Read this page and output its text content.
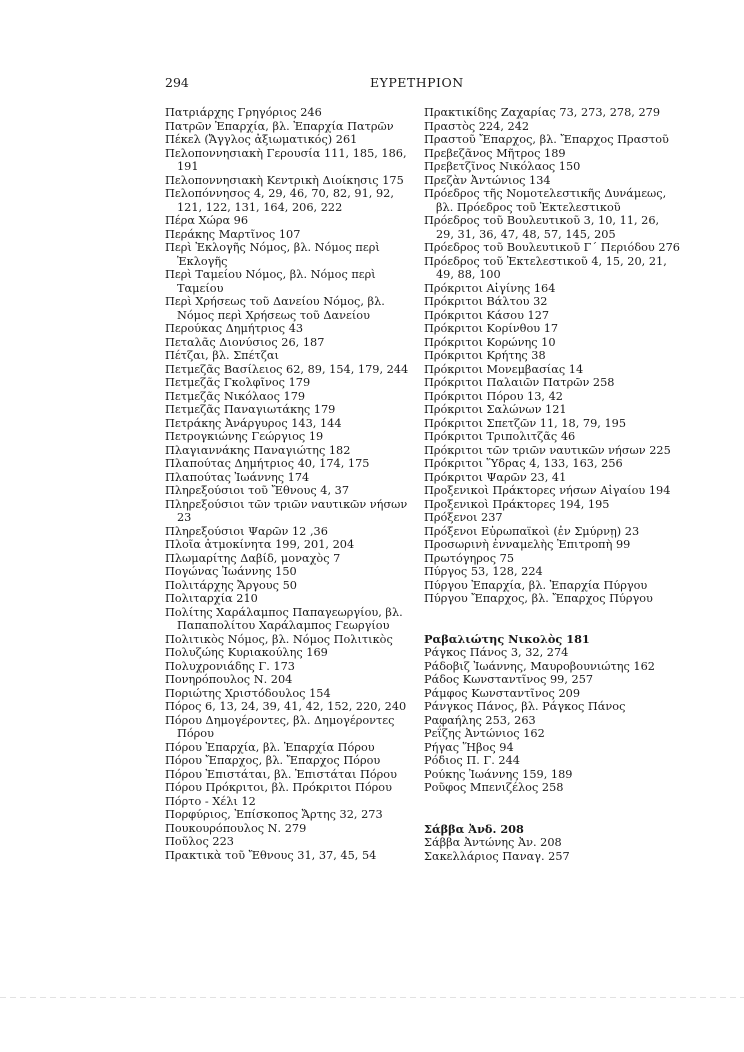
294	ΕΥΡΕΤΗΡΙΟΝ
Πατριάρχης Γρηγόριος 246
Πατρῶν Ἐπαρχία, βλ. Ἐπαρχία Πατρῶν
Πέκελ (Ἄγγλος ἀξιωματικός) 261
Πελοποννησιακὴ Γερουσία 111, 185, 186, 191
Πελοποννησιακὴ Κεντρικὴ Διοίκησις 175
Πελοπόννησος 4, 29, 46, 70, 82, 91, 92, 121, 122, 131, 164, 206, 222
Πέρα Χώρα 96
Περάκης Μαρτῖνος 107
Περὶ Ἐκλογῆς Νόμος, βλ. Νόμος περὶ Ἐκλογῆς
Περὶ Ταμείου Νόμος, βλ. Νόμος περὶ Ταμείου
Περὶ Χρήσεως τοῦ Δανείου Νόμος, βλ. Νόμος περὶ Χρήσεως τοῦ Δανείου
Περούκας Δημήτριος 43
Πεταλᾶς Διονύσιος 26, 187
Πέτζαι, βλ. Σπέτζαι
Πετμεζᾶς Βασίλειος 62, 89, 154, 179, 244
Πετμεζᾶς Γκολφῖνος 179
Πετμεζᾶς Νικόλαος 179
Πετμεζᾶς Παναγιωτάκης 179
Πετράκης Ἀνάργυρος 143, 144
Πετρογκιώνης Γεώργιος 19
Πλαγιαννάκης Παναγιώτης 182
Πλαπούτας Δημήτριος 40, 174, 175
Πλαπούτας Ἰωάννης 174
Πληρεξούσιοι τοῦ Ἔθνους 4, 37
Πληρεξούσιοι τῶν τριῶν ναυτικῶν νήσων 23
Πληρεξούσιοι Ψαρῶν 12 ,36
Πλοῖα ἀτμοκίνητα 199, 201, 204
Πλωμαρίτης Δαβίδ, μοναχὸς 7
Πογώνας Ἰωάννης 150
Πολιτάρχης Ἄργους 50
Πολιταρχία 210
Πολίτης Χαράλαμπος Παπαγεωργίου, βλ. Παπαπολίτου Χαράλαμπος Γεωργίου
Πολιτικὸς Νόμος, βλ. Νόμος Πολιτικὸς
Πολυζώης Κυριακούλης 169
Πολυχρονιάδης Γ. 173
Πονηρόπουλος Ν. 204
Ποριώτης Χριστόδουλος 154
Πόρος 6, 13, 24, 39, 41, 42, 152, 220, 240
Πόρου Δημογέροντες, βλ. Δημογέροντες Πόρου
Πόρου Ἐπαρχία, βλ. Ἐπαρχία Πόρου
Πόρου Ἔπαρχος, βλ. Ἔπαρχος Πόρου
Πόρου Ἐπιστάται, βλ. Ἐπιστάται Πόρου
Πόρου Πρόκριτοι, βλ. Πρόκριτοι Πόρου
Πόρτο - Χέλι 12
Πορφύριος, Ἐπίσκοπος Ἄρτης 32, 273
Πουκουρόπουλος Ν. 279
Ποῦλος 223
Πρακτικὰ τοῦ Ἔθνους 31, 37, 45, 54
Πρακτικίδης Ζαχαρίας 73, 273, 278, 279
Πραστὸς 224, 242
Πραστοῦ Ἔπαρχος, βλ. Ἔπαρχος Πραστοῦ
Πρεβεζᾶνος Μῆτρος 189
Πρεβετζῖνος Νικόλαος 150
Πρεζὰν Ἀντώνιος 134
Πρόεδρος τῆς Νομοτελεστικῆς Δυνάμεως, βλ. Πρόεδρος τοῦ Ἐκτελεστικοῦ
Πρόεδρος τοῦ Βουλευτικοῦ 3, 10, 11, 26, 29, 31, 36, 47, 48, 57, 145, 205
Πρόεδρος τοῦ Βουλευτικοῦ Γ΄ Περιόδου 276
Πρόεδρος τοῦ Ἐκτελεστικοῦ 4, 15, 20, 21, 49, 88, 100
Πρόκριτοι Αἰγίνης 164
Πρόκριτοι Βάλτου 32
Πρόκριτοι Κάσου 127
Πρόκριτοι Κορίνθου 17
Πρόκριτοι Κορώνης 10
Πρόκριτοι Κρήτης 38
Πρόκριτοι Μονεμβασίας 14
Πρόκριτοι Παλαιῶν Πατρῶν 258
Πρόκριτοι Πόρου 13, 42
Πρόκριτοι Σαλώνων 121
Πρόκριτοι Σπετζῶν 11, 18, 79, 195
Πρόκριτοι Τριπολιτζᾶς 46
Πρόκριτοι τῶν τριῶν ναυτικῶν νήσων 225
Πρόκριτοι Ὕδρας 4, 133, 163, 256
Πρόκριτοι Ψαρῶν 23, 41
Προξενικοὶ Πράκτορες νήσων Αἰγαίου 194
Προξενικοὶ Πράκτορες 194, 195
Πρόξενοι 237
Πρόξενοι Εὐρωπαϊκοὶ (ἐν Σμύρνῃ) 23
Προσωρινὴ ἐνναμελὴς Ἐπιτροπὴ 99
Πρωτόγηρος 75
Πύργος 53, 128, 224
Πύργου Ἐπαρχία, βλ. Ἐπαρχία Πύργου
Πύργου Ἔπαρχος, βλ. Ἔπαρχος Πύργου
Ραβαλιώτης Νικολὸς 181
Ράγκος Πάνος 3, 32, 274
Ράδοβιζ Ἰωάννης, Μαυροβουνιώτης 162
Ράδος Κωνσταντῖνος 99, 257
Ράμφος Κωνσταντῖνος 209
Ράνγκος Πάνος, βλ. Ράγκος Πάνος
Ραφαήλης 253, 263
Ρεΐζης Ἀντώνιος 162
Ρήγας Ἥβος 94
Ρόδιος Π. Γ. 244
Ρούκης Ἰωάννης 159, 189
Ροῦφος Μπενιζέλος 258
Σάββα Ἀνδ. 208
Σάββα Ἀντώνης Ἀν. 208
Σακελλάριος Παναγ. 257
